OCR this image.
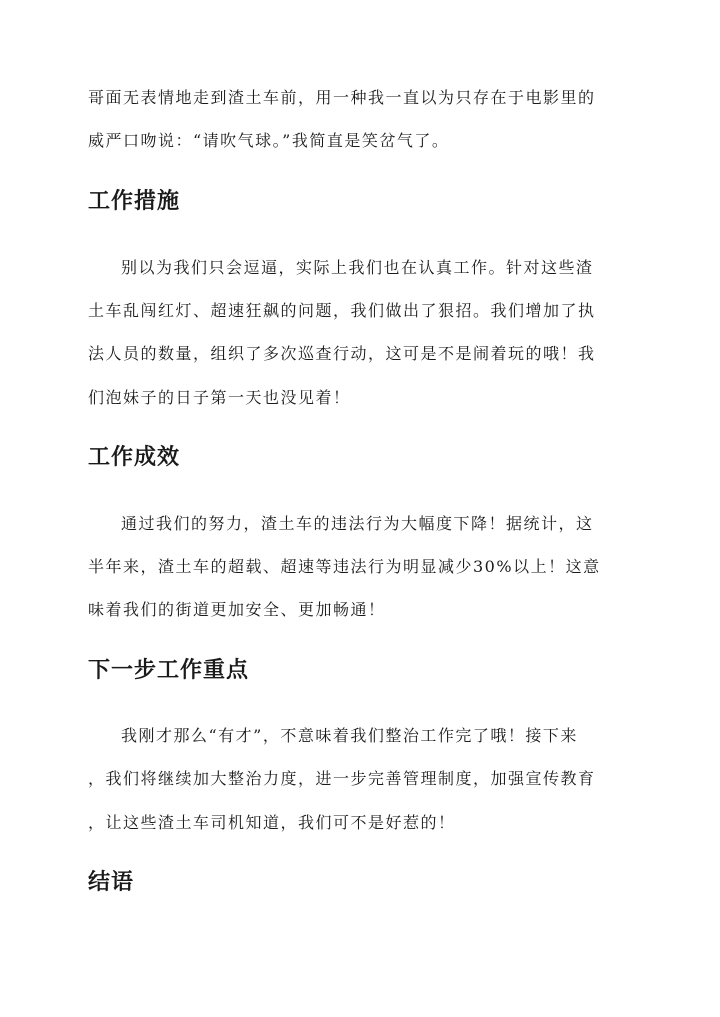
哥面无表情地走到渣土车前，用一种我一直以为只存在于电影里的
威严口吻说：“请吹气球。”我简直是笑岔气了。
工作措施
别以为我们只会逗逼，实际上我们也在认真工作。针对这些渣
土车乱闯红灯、超速狂飙的问题，我们做出了狠招。我们增加了执
法人员的数量，组织了多次巡查行动，这可是不是闹着玩的哦！我
们泡妹子的日子第一天也没见着！
工作成效
通过我们的努力，渣土车的违法行为大幅度下降！据统计，这
半年来，渣土车的超载、超速等违法行为明显减少30%以上！这意
味着我们的街道更加安全、更加畅通！
下一步工作重点
我刚才那么“有才”，不意味着我们整治工作完了哦！接下来
，我们将继续加大整治力度，进一步完善管理制度，加强宣传教育
，让这些渣土车司机知道，我们可不是好惹的！
结语
